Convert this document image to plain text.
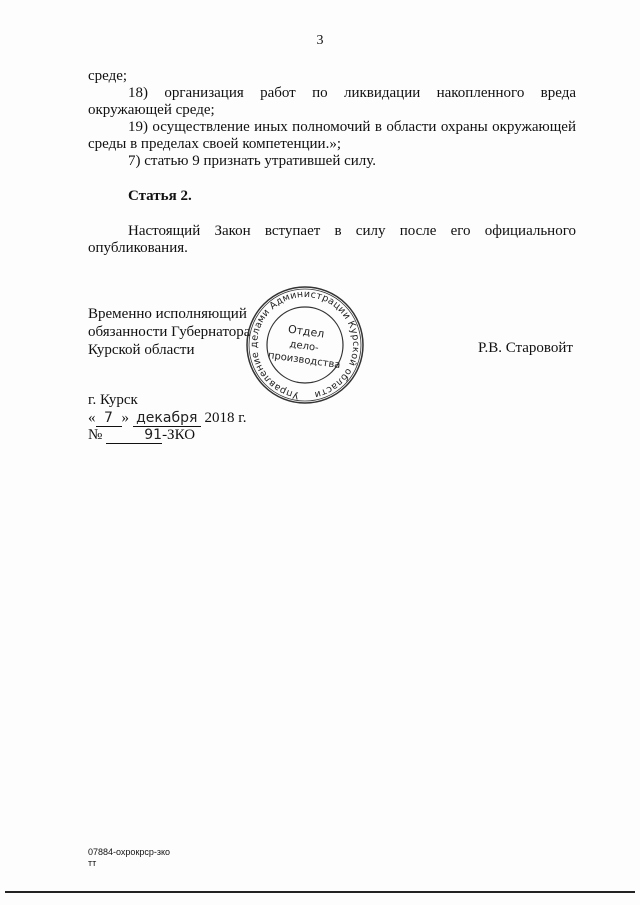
3
среде;
18) организация работ по ликвидации накопленного вреда
окружающей среде;
19) осуществление иных полномочий в области охраны окружающей
среды в пределах своей компетенции.»;
7) статью 9 признать утратившей силу.
Статья 2.
Настоящий Закон вступает в силу после его официального
опубликования.
Временно исполняющий
обязанности Губернатора
Курской области	Р.В. Старовойт
Управление делами Администрации Курской области
Отдел
дело-
производства
г. Курск
« 7 » декабря 2018 г.
№	91-ЗКО
07884-охрокрср-зко
тт
